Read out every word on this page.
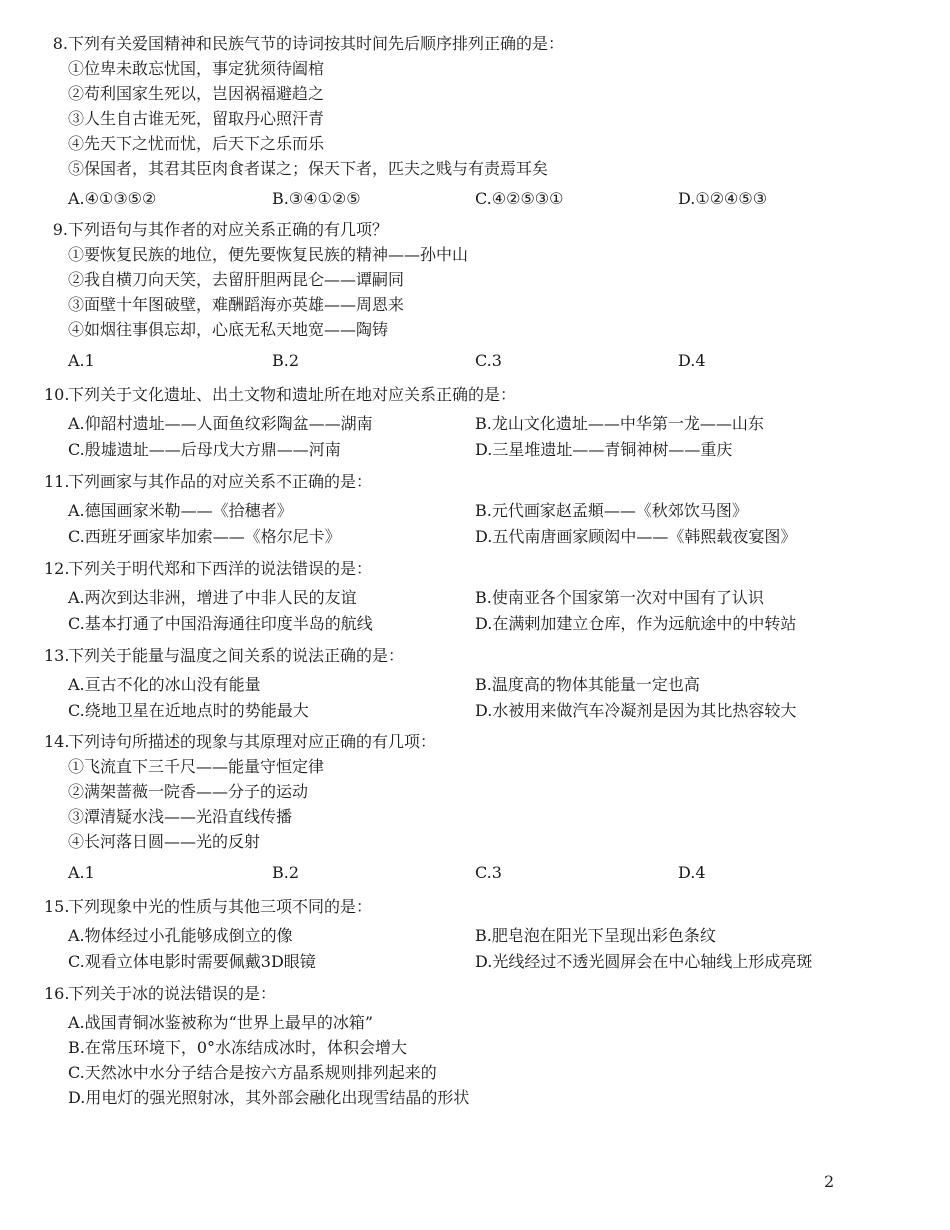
8.下列有关爱国精神和民族气节的诗词按其时间先后顺序排列正确的是：
①位卑未敢忘忧国，事定犹须待阖棺
②苟利国家生死以，岂因祸福避趋之
③人生自古谁无死，留取丹心照汗青
④先天下之忧而忧，后天下之乐而乐
⑤保国者，其君其臣肉食者谋之；保天下者，匹夫之贱与有责焉耳矣
A.④①③⑤②	B.③④①②⑤	C.④②⑤③①	D.①②④⑤③
9.下列语句与其作者的对应关系正确的有几项？
①要恢复民族的地位，便先要恢复民族的精神——孙中山
②我自横刀向天笑，去留肝胆两昆仑——谭嗣同
③面壁十年图破壁，难酬蹈海亦英雄——周恩来
④如烟往事俱忘却，心底无私天地宽——陶铸
A.1	B.2	C.3	D.4
10.下列关于文化遗址、出土文物和遗址所在地对应关系正确的是：
A.仰韶村遗址——人面鱼纹彩陶盆——湖南	B.龙山文化遗址——中华第一龙——山东
C.殷墟遗址——后母戊大方鼎——河南	D.三星堆遗址——青铜神树——重庆
11.下列画家与其作品的对应关系不正确的是：
A.德国画家米勒——《拾穗者》	B.元代画家赵孟頫——《秋郊饮马图》
C.西班牙画家毕加索——《格尔尼卡》	D.五代南唐画家顾闳中——《韩熙载夜宴图》
12.下列关于明代郑和下西洋的说法错误的是：
A.两次到达非洲，增进了中非人民的友谊	B.使南亚各个国家第一次对中国有了认识
C.基本打通了中国沿海通往印度半岛的航线	D.在满剌加建立仓库，作为远航途中的中转站
13.下列关于能量与温度之间关系的说法正确的是：
A.亘古不化的冰山没有能量	B.温度高的物体其能量一定也高
C.绕地卫星在近地点时的势能最大	D.水被用来做汽车冷凝剂是因为其比热容较大
14.下列诗句所描述的现象与其原理对应正确的有几项：
①飞流直下三千尺——能量守恒定律
②满架蔷薇一院香——分子的运动
③潭清疑水浅——光沿直线传播
④长河落日圆——光的反射
A.1	B.2	C.3	D.4
15.下列现象中光的性质与其他三项不同的是：
A.物体经过小孔能够成倒立的像	B.肥皂泡在阳光下呈现出彩色条纹
C.观看立体电影时需要佩戴3D眼镜	D.光线经过不透光圆屏会在中心轴线上形成亮斑
16.下列关于冰的说法错误的是：
A.战国青铜冰鉴被称为“世界上最早的冰箱”
B.在常压环境下，0°水冻结成冰时，体积会增大
C.天然冰中水分子结合是按六方晶系规则排列起来的
D.用电灯的强光照射冰，其外部会融化出现雪结晶的形状
2
